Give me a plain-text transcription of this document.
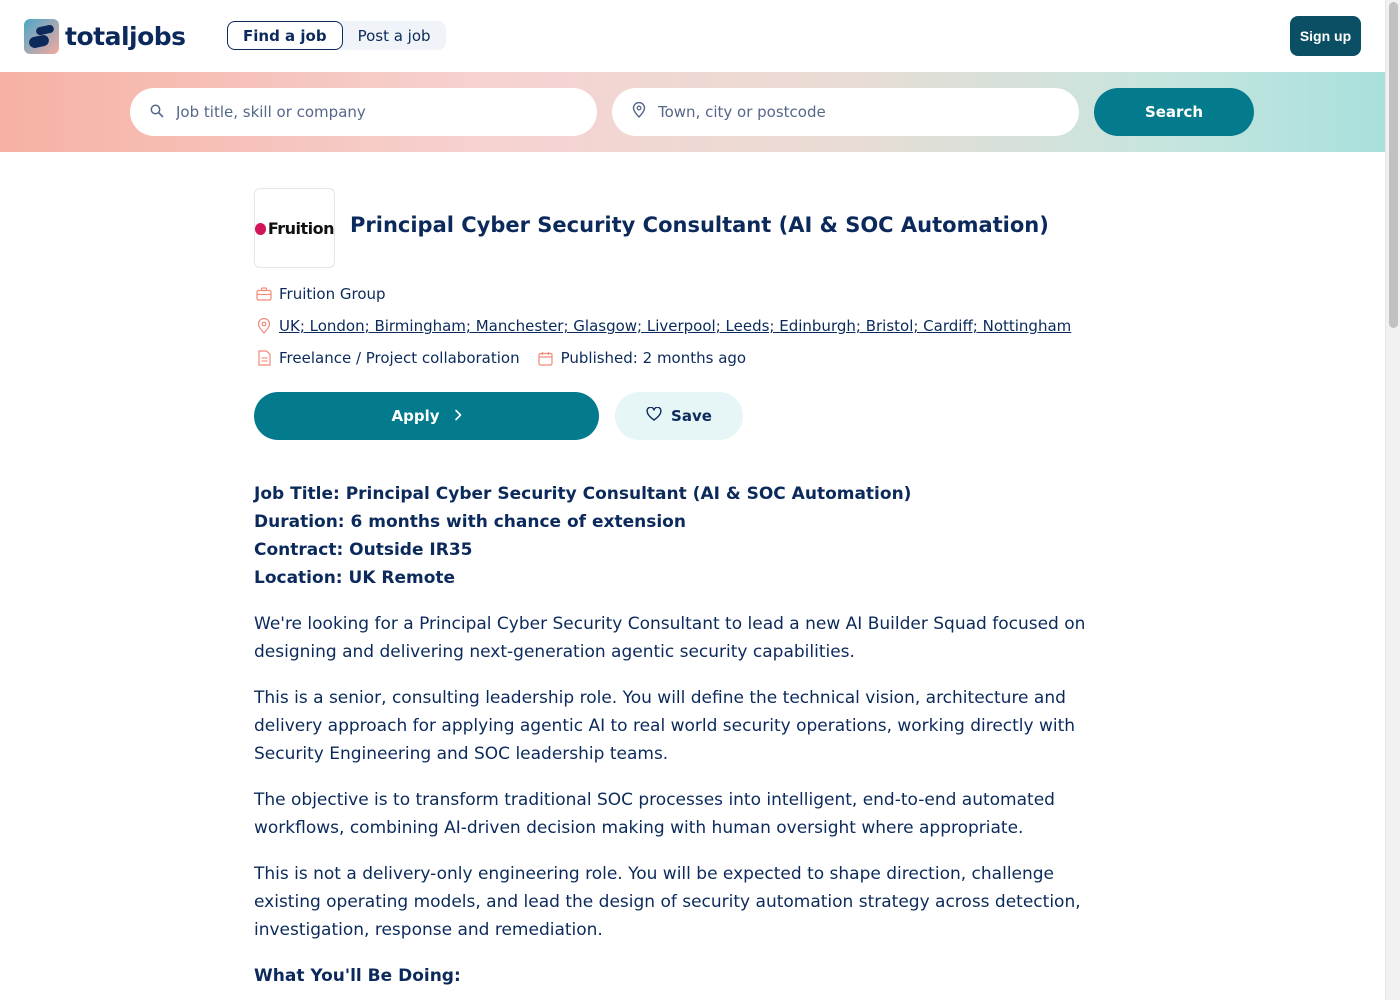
totaljobs	Find a job	Post a job	Sign up
Job title, skill or company
Town, city or postcode
Search
Fruition Principal Cyber Security Consultant (AI & SOC Automation)
Fruition Group
UK; London; Birmingham; Manchester; Glasgow; Liverpool; Leeds; Edinburgh; Bristol; Cardiff; Nottingham
Freelance / Project collaboration	Published: 2 months ago
Apply	Save

Job Title: Principal Cyber Security Consultant (AI & SOC Automation)

Duration: 6 months with chance of extension

Contract: Outside IR35

Location: UK Remote

We're looking for a Principal Cyber Security Consultant to lead a new AI Builder Squad focused on designing and delivering next-generation agentic security capabilities.

This is a senior, consulting leadership role. You will define the technical vision, architecture and delivery approach for applying agentic AI to real world security operations, working directly with Security Engineering and SOC leadership teams.

The objective is to transform traditional SOC processes into intelligent, end-to-end automated workflows, combining AI-driven decision making with human oversight where appropriate.

This is not a delivery-only engineering role. You will be expected to shape direction, challenge existing operating models, and lead the design of security automation strategy across detection, investigation, response and remediation.

What You'll Be Doing:
